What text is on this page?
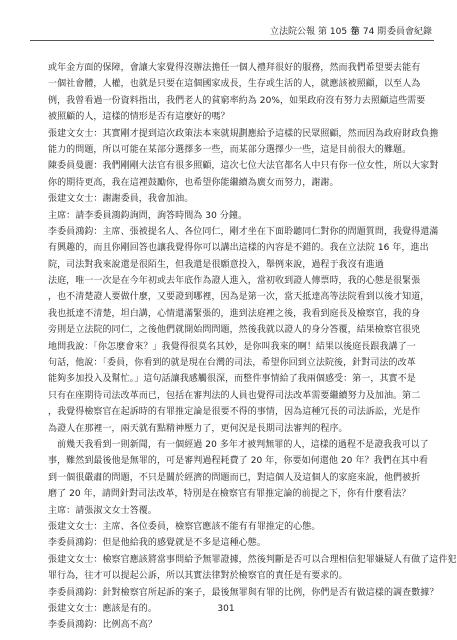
立法院公報 第 105 卷
第 74 期 委員會紀錄
或年金方面的保障，會讓大家覺得沒辦法擔任一個人禮拜很好的服務，然而我們希望要去能有
一個社會體，人權，也就是只要在這個國家成長，生存或生活的人，就應該被照顧，以至人為
例，我曾看過一份資料指出，我們老人的貧窮率約為 20%，如果政府沒有努力去照顧這些需要
被照顧的人，這樣的情形是否有這麼好的嗎？
張建文女士：其實剛才提到這次政策法本來就規劃應給予這樣的民眾照顧，然而因為政府財政負擔
能力的問題，所以可能在某部分選擇多一些，而某部分選擇少一些，這是目前很大的難題。
陳委員曼麗：我們剛剛大法官有很多照顧，這次七位大法官都名人中只有你一位女性，所以大家對
你的期待更高，我在這裡鼓勵你，也希望你能繼續為廣女而努力，謝謝。
張建文女士：謝謝委員，我會加油。
主席：請李委員鴻鈞詢問，詢答時間為 30 分鐘。
李委員鴻鈞：主席、張被提名人、各位同仁，剛才坐在下面聆聽同仁對你的問題質問，我覺得還滿
有興趣的，而且你剛回答也讓我覺得你可以講出這樣的內容是不錯的。我在立法院 16 年，進出
院，司法對我來說還是很陌生，但我還是很願意投入，舉例來說，過程于我沒有進過
法庭，唯一一次是在今年初或去年底作為證人進入，當初收到證人傳票時，我的心態是很緊張
，也不清楚證人要做什麼，又要證到哪裡，因為是第一次，當天抵達高等法院看到以後才知道，
我也抵達不清楚，坦白講，心情還滿緊張的，進到法庭裡之後，我看到庭長及檢察官，我的身
旁則是立法院的同仁，之後他們就開始問問題，然後我就以證人的身分答覆，結果檢察官很兇
地問我說：「你怎麼會來？」我覺得很莫名其妙，是你叫我來的啊！結果以後庭長跟我講了一
句話，他說：「委員，你看到的就是現在台灣的司法，希望你回到立法院後，針對司法的改革
能夠多加投入及幫忙。」這句話讓我感觸很深，而整件事情給了我兩個感受：第一，其實不是
只有在座期待司法改革而已，包括在審判法的人員也覺得司法改革需要繼續努力及加油。第二
，我覺得檢察官在起訴時的有罪推定論是很要不得的事情，因為這種冗長的司法訴訟，光是作
為證人在那裡一，兩天就有點精神壓力了，更何況是長期司法審判的程序。
　前幾天我看到一則新聞，有一個經過 20 多年才被判無罪的人，這樣的過程不是證我我可以了
事，難然到最後他是無罪的，可是審判過程耗費了 20 年，你要如何還他 20 年？我們在其中看
到一個很嚴肅的問題，不只是關於經濟的問題而已，對這個人及這個人的家庭來說，他們被折
磨了 20 年，請問針對司法改革，特別是在檢察官有罪推定論的前提之下，你有什麼看法？
主席：請張淑文女士答覆。
張建文女士：主席、各位委員，檢察官應該不能有有罪推定的心態。
李委員鴻鈞：但是他給我的感覺就是不多是這種心態。
張建文女士：檢察官應該將當事問給予無罪證據，然後判斷是否可以合理相信犯罪嫌疑人有做了這件犯
罪行為，往才可以提起公訴，所以其實法律對於檢察官的責任是有要求的。
李委員鴻鈞：針對檢察官所起訴的案子，最後無罪與有罪的比例，你們是否有做這樣的調查數據？
張建文女士：應該是有的。
李委員鴻鈞：比例高不高？
301
